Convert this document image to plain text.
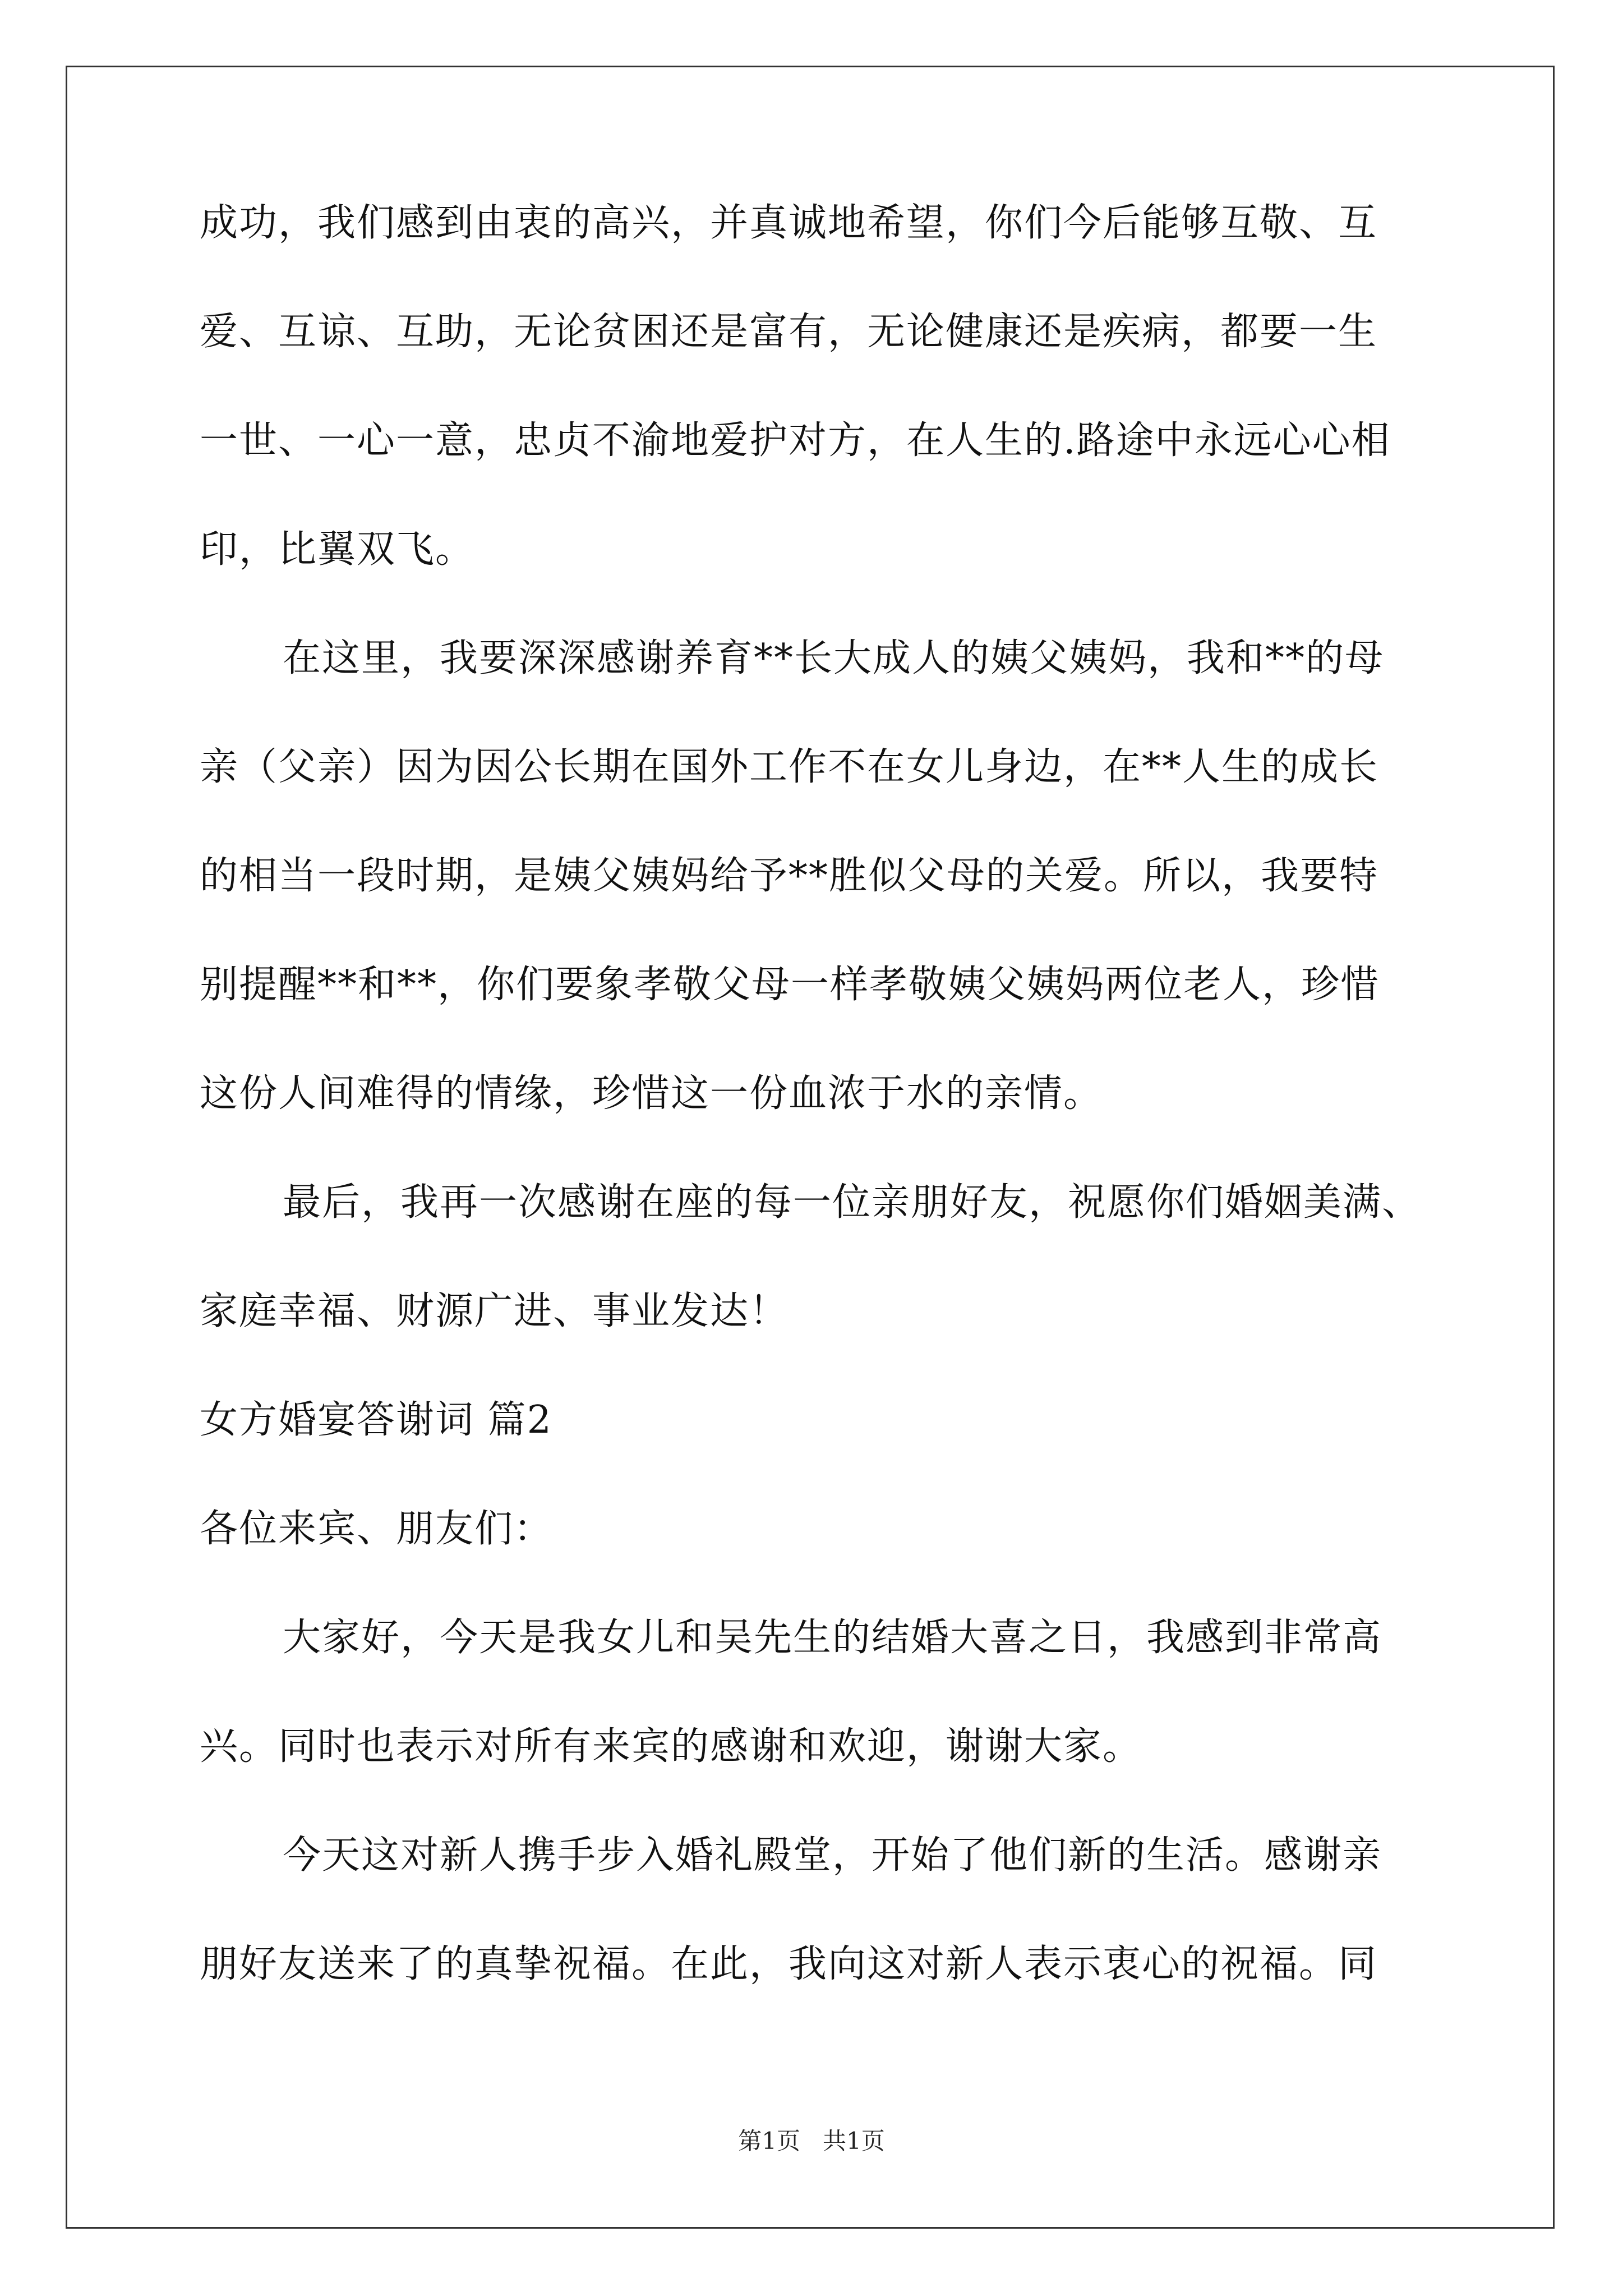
成功，我们感到由衷的高兴，并真诚地希望，你们今后能够互敬、互
爱、互谅、互助，无论贫困还是富有，无论健康还是疾病，都要一生
一世、一心一意，忠贞不渝地爱护对方，在人生的.路途中永远心心相
印，比翼双飞。
在这里，我要深深感谢养育**长大成人的姨父姨妈，我和**的母
亲（父亲）因为因公长期在国外工作不在女儿身边，在**人生的成长
的相当一段时期，是姨父姨妈给予**胜似父母的关爱。所以，我要特
别提醒**和**，你们要象孝敬父母一样孝敬姨父姨妈两位老人，珍惜
这份人间难得的情缘，珍惜这一份血浓于水的亲情。
最后，我再一次感谢在座的每一位亲朋好友，祝愿你们婚姻美满、
家庭幸福、财源广进、事业发达！
女方婚宴答谢词 篇2
各位来宾、朋友们：
大家好，今天是我女儿和吴先生的结婚大喜之日，我感到非常高
兴。同时也表示对所有来宾的感谢和欢迎，谢谢大家。
今天这对新人携手步入婚礼殿堂，开始了他们新的生活。感谢亲
朋好友送来了的真挚祝福。在此，我向这对新人表示衷心的祝福。同
第1页   共1页
